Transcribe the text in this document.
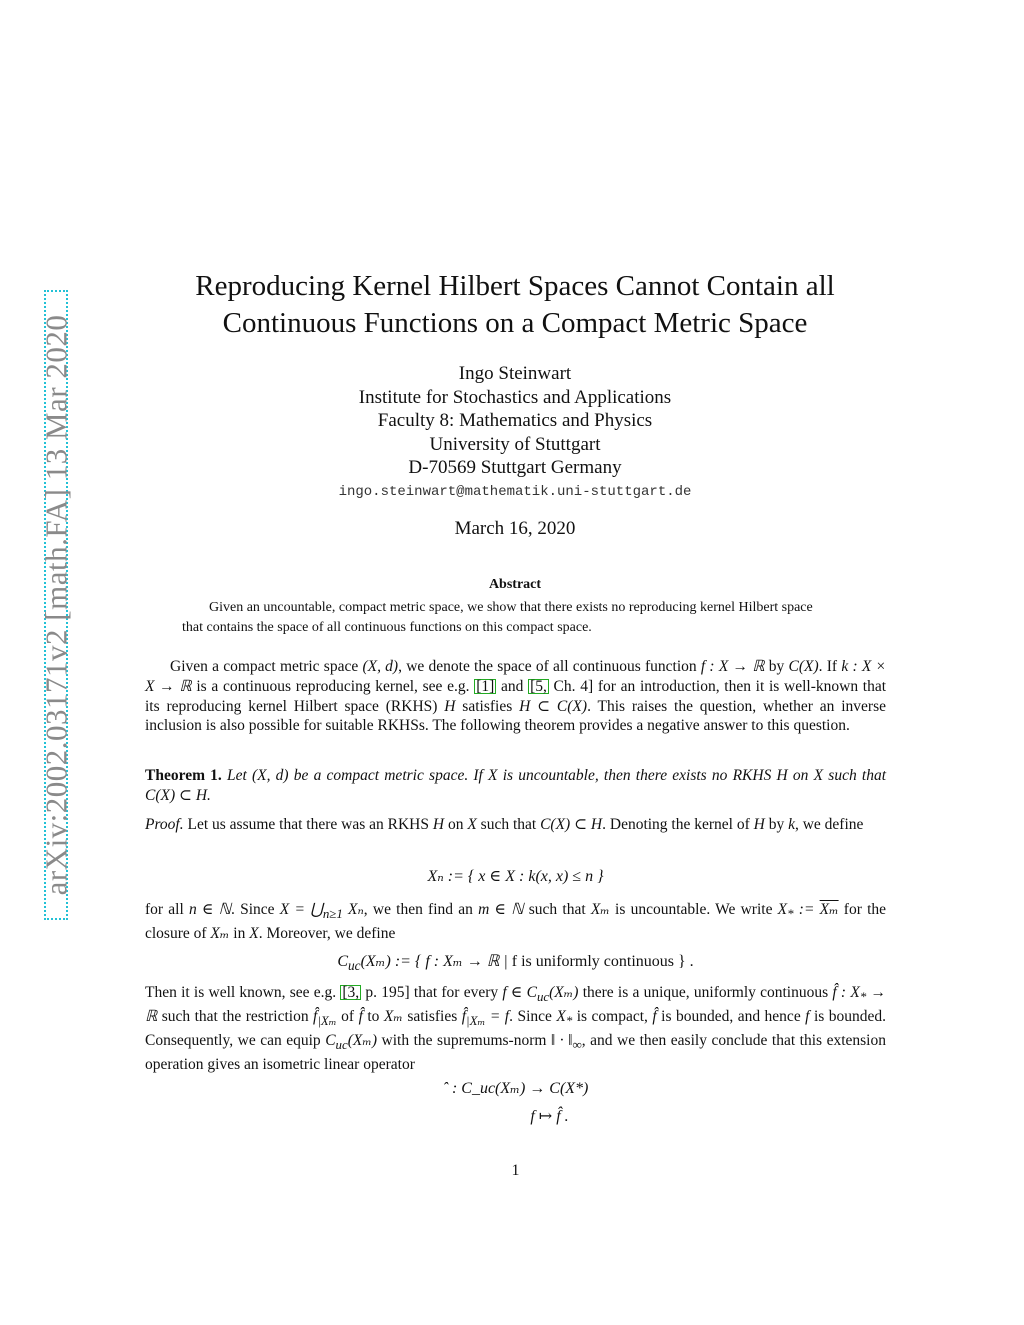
arXiv:2002.03171v2 [math.FA] 13 Mar 2020
Reproducing Kernel Hilbert Spaces Cannot Contain all
Continuous Functions on a Compact Metric Space
Ingo Steinwart
Institute for Stochastics and Applications
Faculty 8: Mathematics and Physics
University of Stuttgart
D-70569 Stuttgart Germany
ingo.steinwart@mathematik.uni-stuttgart.de
March 16, 2020
Abstract
Given an uncountable, compact metric space, we show that there exists no reproducing kernel Hilbert space
that contains the space of all continuous functions on this compact space.
Given a compact metric space (X, d), we denote the space of all continuous function f : X → ℝ by C(X). If k : X × X → ℝ is a continuous reproducing kernel, see e.g. [1] and [5, Ch. 4] for an introduction, then it is well-known that its reproducing kernel Hilbert space (RKHS) H satisfies H ⊂ C(X). This raises the question, whether an inverse inclusion is also possible for suitable RKHSs. The following theorem provides a negative answer to this question.
Theorem 1. Let (X, d) be a compact metric space. If X is uncountable, then there exists no RKHS H on X such that C(X) ⊂ H.
Proof. Let us assume that there was an RKHS H on X such that C(X) ⊂ H. Denoting the kernel of H by k, we define
Xₙ := { x ∈ X : k(x, x) ≤ n }
for all n ∈ ℕ. Since $X = ⋃_{n\ge 1}$ Xₙ, we then find an m ∈ ℕ such that Xₘ is uncountable. We write $X_*$ := $\overline{X_m}$ for the closure of Xₘ in X. Moreover, we define
$C_{uc}(X_m)$ := { f : Xₘ → ℝ | f is uniformly continuous } .
Then it is well known, see e.g. [3, p. 195] that for every f ∈ $C_{uc}(X_m)$ there is a unique, uniformly continuous f̂ : $X_*$ → ℝ such that the restriction $f̂_{|X_m}$ of f̂ to Xₘ satisfies $f̂_{|X_m} = f$. Since $X_*$ is compact, f̂ is bounded, and hence f is bounded. Consequently, we can equip $C_{uc}(X_m)$ with the supremums-norm ‖ · $‖_\infty$, and we then easily conclude that this extension operation gives an isometric linear operator
ˆ : C_uc(Xₘ) → C(X*)
f ↦ f̂ .
1
